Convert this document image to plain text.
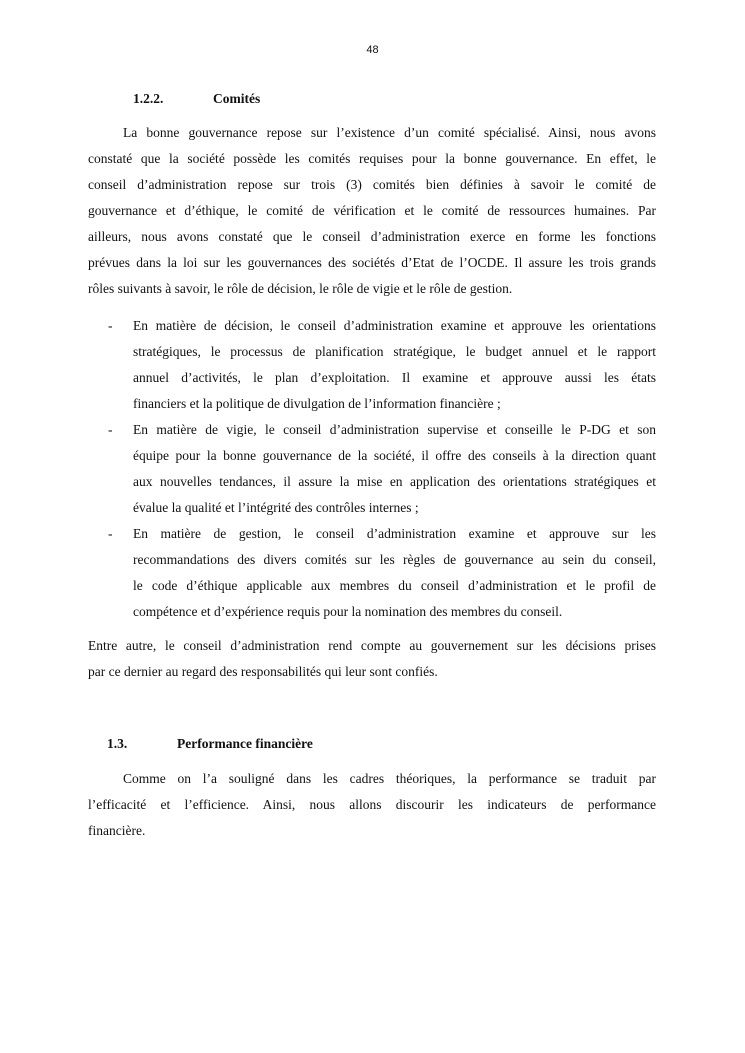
48
1.2.2.	Comités
La bonne gouvernance repose sur l’existence d’un comité spécialisé. Ainsi, nous avons
constaté que la société possède les comités requises pour la bonne gouvernance. En effet, le
conseil d’administration repose sur trois (3) comités bien définies à savoir le comité de
gouvernance et d’éthique, le comité de vérification et le comité de ressources humaines. Par
ailleurs, nous avons constaté que le conseil d’administration exerce en forme les fonctions
prévues dans la loi sur les gouvernances des sociétés d’Etat de l’OCDE. Il assure les trois grands
rôles suivants à savoir, le rôle de décision, le rôle de vigie et le rôle de gestion.
- En matière de décision, le conseil d’administration examine et approuve les orientations
stratégiques, le processus de planification stratégique, le budget annuel et le rapport
annuel d’activités, le plan d’exploitation. Il examine et approuve aussi les états
financiers et la politique de divulgation de l’information financière ;
- En matière de vigie, le conseil d’administration supervise et conseille le P-DG et son
équipe pour la bonne gouvernance de la société, il offre des conseils à la direction quant
aux nouvelles tendances, il assure la mise en application des orientations stratégiques et
évalue la qualité et l’intégrité des contrôles internes ;
- En matière de gestion, le conseil d’administration examine et approuve sur les
recommandations des divers comités sur les règles de gouvernance au sein du conseil,
le code d’éthique applicable aux membres du conseil d’administration et le profil de
compétence et d’expérience requis pour la nomination des membres du conseil.
Entre autre, le conseil d’administration rend compte au gouvernement sur les décisions prises
par ce dernier au regard des responsabilités qui leur sont confiés.
1.3.	Performance financière
Comme on l’a souligné dans les cadres théoriques, la performance se traduit par
l’efficacité et l’efficience. Ainsi, nous allons discourir les indicateurs de performance
financière.
